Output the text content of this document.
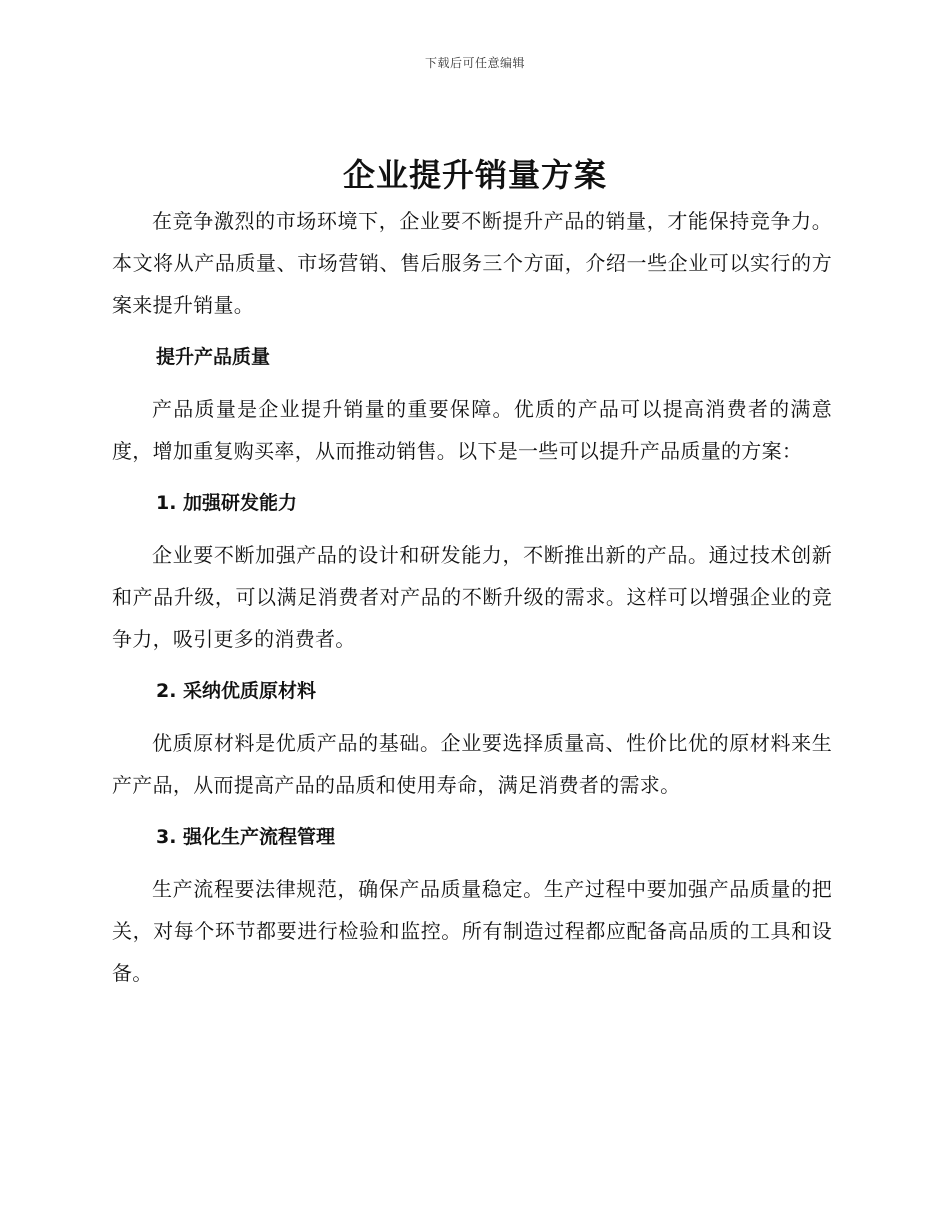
下载后可任意编辑
企业提升销量方案

在竞争激烈的市场环境下，企业要不断提升产品的销量，才能保持竞争力。本文将从产品质量、市场营销、售后服务三个方面，介绍一些企业可以实行的方案来提升销量。

提升产品质量

产品质量是企业提升销量的重要保障。优质的产品可以提高消费者的满意度，增加重复购买率，从而推动销售。以下是一些可以提升产品质量的方案：

1. 加强研发能力

企业要不断加强产品的设计和研发能力，不断推出新的产品。通过技术创新和产品升级，可以满足消费者对产品的不断升级的需求。这样可以增强企业的竞争力，吸引更多的消费者。

2. 采纳优质原材料

优质原材料是优质产品的基础。企业要选择质量高、性价比优的原材料来生产产品，从而提高产品的品质和使用寿命，满足消费者的需求。

3. 强化生产流程管理

生产流程要法律规范，确保产品质量稳定。生产过程中要加强产品质量的把关，对每个环节都要进行检验和监控。所有制造过程都应配备高品质的工具和设备。
